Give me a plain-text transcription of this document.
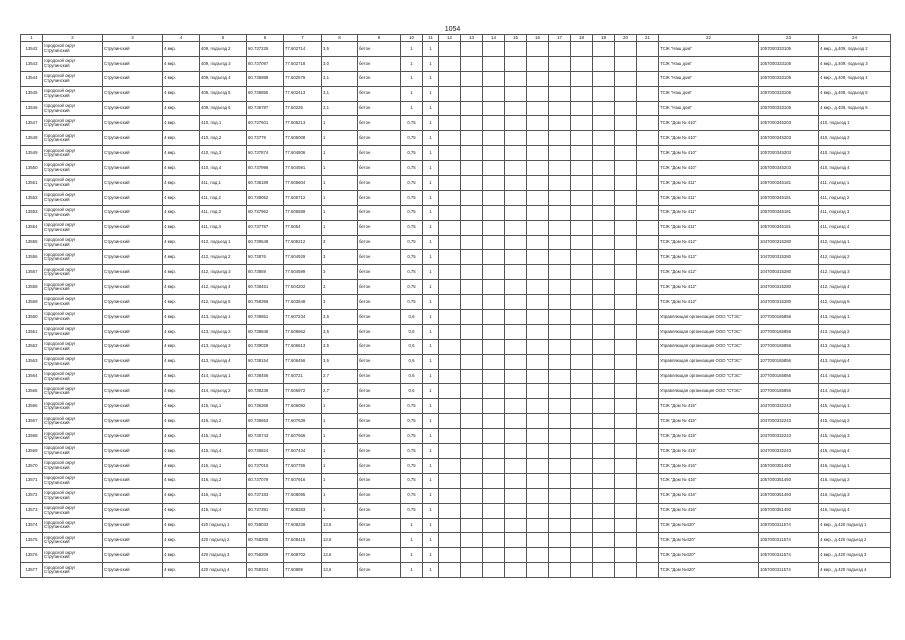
1054
1	2	3	4	5	6	7	8	9	10	11	12	13	14	15	16	17	18	19	20	21	22	23	24
13542	городской округ Струпинский	Струпинский	4 мкр.	409, подъезд 2	60.737225	77.602714	3,5	бетон	1	1											ТСЖ "Наш дом"	1057000333105	4 мкр., д.409, подъезд 2
13543	городской округ Струпинский	Струпинский	4 мкр.	409, подъезд 3	60.737097	77.602718	3,0	бетон	1	1											ТСЖ "Наш дом"	1057000333105	4 мкр., д.409, подъезд 3
13544	городской округ Струпинский	Струпинский	4 мкр.	409, подъезд 4	60.736988	77.602576	3,1	бетон	1	1											ТСЖ "Наш дом"	1057000333105	4 мкр., д.409, подъезд 4
13545	городской округ Струпинский	Струпинский	4 мкр.	409, подъезд 5	60.736855	77.602413	3,1	бетон	1	1											ТСЖ "Наш дом"	1057000333105	4 мкр., д.409, подъезд 5
13546	городской округ Струпинский	Струпинский	4 мкр.	409, подъезд 6	60.736787	77.60226	3,1	бетон	1	1											ТСЖ "Наш дом"	1057000333105	4 мкр., д.409, подъезд 6
13547	городской округ Струпинский	Струпинский	4 мкр.	410, под.1	60.737601	77.605213	1	бетон	0,75	1											ТСЖ "Дом № 410"	1057000345203	410, подъезд 1
13548	городской округ Струпинский	Струпинский	4 мкр.	410, под.2	60.73779	77.605008	1	бетон	0,75	1											ТСЖ "Дом № 410"	1057000345203	410, подъезд 2
13549	городской округ Струпинский	Струпинский	4 мкр.	410, под.3	60.737874	77.604806	1	бетон	0,75	1											ТСЖ "Дом № 410"	1057000345203	410, подъезд 3
13550	городской округ Струпинский	Струпинский	4 мкр.	410, под.4	60.737996	77.604591	1	бетон	0,75	1											ТСЖ "Дом № 410"	1057000345203	410, подъезд 4
13551	городской округ Струпинский	Струпинский	4 мкр.	411, под.1	60.738189	77.605604	1	бетон	0,75	1											ТСЖ "Дом № 411"	1057000345181	411, подъезд 1
13552	городской округ Струпинский	Струпинский	4 мкр.	411, под.2	60.738052	77.605712	1	бетон	0,75	1											ТСЖ "Дом № 411"	1057000345181	411, подъезд 2
13553	городской округ Струпинский	Струпинский	4 мкр.	411, под.3	60.737962	77.605589	1	бетон	0,75	1											ТСЖ "Дом № 411"	1057000345181	411, подъезд 3
13554	городской округ Струпинский	Струпинский	4 мкр.	411, под.4	60.737787	77.6054	1	бетон	0,75	1											ТСЖ "Дом № 411"	1057000345181	411, подъезд 4
13555	городской округ Струпинский	Струпинский	4 мкр.	412, подъезд 1	60.739548	77.605212	3	бетон	0,75	1											ТСЖ "Дом № 412"	1047000315280	412, подъезд 1
13556	городской округ Струпинский	Струпинский	4 мкр.	412, подъезд 2	60.73876	77.604929	3	бетон	0,75	1											ТСЖ "Дом № 412"	1047000315280	412, подъезд 2
13557	городской округ Струпинский	Струпинский	4 мкр.	412, подъезд 3	60.73859	77.604599	3	бетон	0,75	1											ТСЖ "Дом № 412"	1047000315280	412, подъезд 3
13558	городской округ Струпинский	Струпинский	4 мкр.	412, подъезд 4	60.738451	77.604202	3	бетон	0,75	1											ТСЖ "Дом № 412"	1047000315280	412, подъезд 4
13559	городской округ Струпинский	Струпинский	4 мкр.	412, подъезд 5	60.758396	77.603648	3	бетон	0,75	1											ТСЖ "Дом № 412"	1047000315280	412, подъезд 5
13560	городской округ Струпинский	Струпинский	4 мкр.	413, подъезд 1	60.739861	77.607234	3,5	бетон	0,6	1											Управляющая организация ООО "СТЭС"	1077000165856	413, подъезд 1
13561	городской округ Струпинский	Струпинский	4 мкр.	413, подъезд 2	60.738845	77.606662	3,5	бетон	0,6	1											Управляющая организация ООО "СТЭС"	1077000165856	413, подъезд 2
13562	городской округ Струпинский	Струпинский	4 мкр.	413, подъезд 3	60.739029	77.606613	3,5	бетон	0,6	1											Управляющая организация ООО "СТЭС"	1077000165856	413, подъезд 3
13563	городской округ Струпинский	Струпинский	4 мкр.	413, подъезд 4	60.738154	77.606456	3,5	бетон	0,6	1											Управляющая организация ООО "СТЭС"	1077000165856	413, подъезд 4
13564	городской округ Струпинский	Струпинский	4 мкр.	414, подъезд 1	60.738456	77.60721	2,7	бетон	0,6	1											Управляющая организация ООО "СТЭС"	1077000165856	414, подъезд 1
13565	городской округ Струпинский	Струпинский	4 мкр.	414, подъезд 2	60.738239	77.606972	2,7	бетон	0,6	1											Управляющая организация ООО "СТЭС"	1077000165856	414, подъезд 2
13566	городской округ Струпинский	Струпинский	4 мкр.	415, под.1	60.736368	77.606082	1	бетон	0,75	1											ТСЖ "Дом № 415"	1047000332243	415, подъезд 1
13567	городской округ Струпинский	Струпинский	4 мкр.	415, под.2	60.736653	77.607639	1	бетон	0,75	1											ТСЖ "Дом № 415"	1047000332243	415, подъезд 2
13568	городской округ Струпинский	Струпинский	4 мкр.	415, под.3	60.736743	77.607666	1	бетон	0,75	1											ТСЖ "Дом № 415"	1047000332243	415, подъезд 3
13569	городской округ Струпинский	Струпинский	4 мкр.	415, под.4	60.736824	77.607434	1	бетон	0,75	1											ТСЖ "Дом № 415"	1047000332243	415, подъезд 4
13570	городской округ Струпинский	Струпинский	4 мкр.	416, под.1	60.737015	77.607755	1	бетон	0,75	1											ТСЖ "Дом № 416"	1057000351493	416, подъезд 1
13571	городской округ Струпинский	Струпинский	4 мкр.	416, под.2	60.737079	77.607916	1	бетон	0,75	1											ТСЖ "Дом № 416"	1057000351493	416, подъезд 2
13572	городской округ Струпинский	Струпинский	4 мкр.	416, под.3	60.737183	77.608095	1	бетон	0,75	1											ТСЖ "Дом № 416"	1057000351493	416, подъезд 3
13573	городской округ Струпинский	Струпинский	4 мкр.	416, под.4	60.737391	77.608283	1	бетон	0,75	1											ТСЖ "Дом № 416"	1057000351493	416, подъезд 4
13574	городской округ Струпинский	Струпинский	4 мкр.	420 подъезд 1	60.758033	77.608239	13,6	бетон	1	1											ТСЖ "Дом №420"	1057000311574	4 мкр., д.420 подъезд 1
13575	городской округ Струпинский	Струпинский	4 мкр.	420 подъезд 2	60.758205	77.608416	13,6	бетон	1	1											ТСЖ "Дом №420"	1057000311574	4 мкр., д.420 подъезд 2
13576	городской округ Струпинский	Струпинский	4 мкр.	420 подъезд 3	60.758209	77.608702	13,6	бетон	1	1											ТСЖ "Дом №420"	1057000311574	4 мкр., д.420 подъезд 3
13577	городской округ Струпинский	Струпинский	4 мкр.	420 подъезд 4	60.758324	77.60889	13,6	бетон	1	1											ТСЖ "Дом №420"	1057000311574	4 мкр., д.420 подъезд 4
